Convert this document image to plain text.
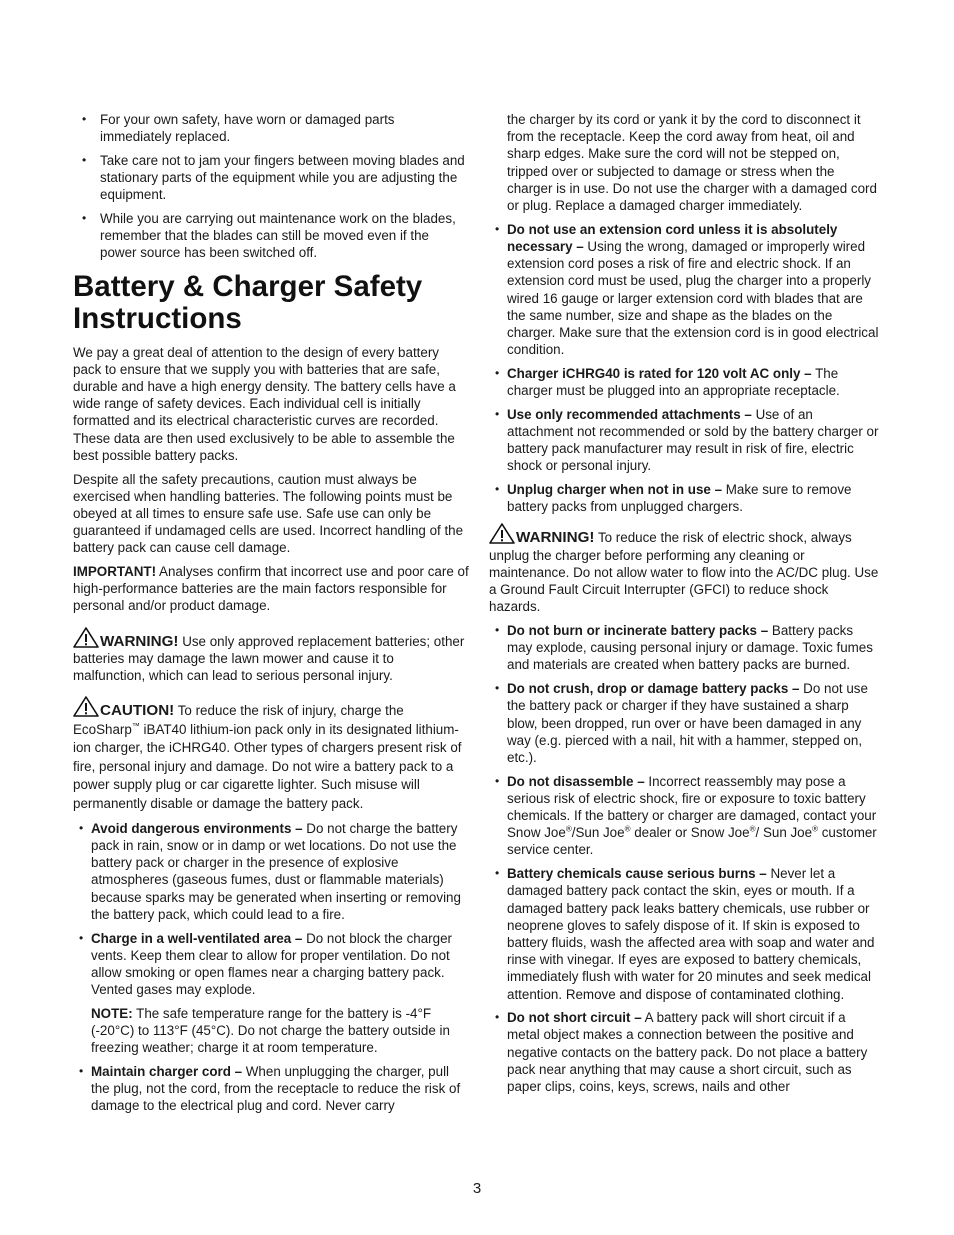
• For your own safety, have worn or damaged parts immediately replaced.
• Take care not to jam your fingers between moving blades and stationary parts of the equipment while you are adjusting the equipment.
• While you are carrying out maintenance work on the blades, remember that the blades can still be moved even if the power source has been switched off.
Battery & Charger Safety Instructions

We pay a great deal of attention to the design of every battery pack to ensure that we supply you with batteries that are safe, durable and have a high energy density. The battery cells have a wide range of safety devices. Each individual cell is initially formatted and its electrical characteristic curves are recorded. These data are then used exclusively to be able to assemble the best possible battery packs.

Despite all the safety precautions, caution must always be exercised when handling batteries. The following points must be obeyed at all times to ensure safe use. Safe use can only be guaranteed if undamaged cells are used. Incorrect handling of the battery pack can cause cell damage.

IMPORTANT! Analyses confirm that incorrect use and poor care of high-performance batteries are the main factors responsible for personal and/or product damage.

WARNING! Use only approved replacement batteries; other batteries may damage the lawn mower and cause it to malfunction, which can lead to serious personal injury.

CAUTION! To reduce the risk of injury, charge the EcoSharp™ iBAT40 lithium-ion pack only in its designated lithium-ion charger, the iCHRG40. Other types of chargers present risk of fire, personal injury and damage. Do not wire a battery pack to a power supply plug or car cigarette lighter. Such misuse will permanently disable or damage the battery pack.

• Avoid dangerous environments – Do not charge the battery pack in rain, snow or in damp or wet locations. Do not use the battery pack or charger in the presence of explosive atmospheres (gaseous fumes, dust or flammable materials) because sparks may be generated when inserting or removing the battery pack, which could lead to a fire.
• Charge in a well-ventilated area – Do not block the charger vents. Keep them clear to allow for proper ventilation. Do not allow smoking or open flames near a charging battery pack. Vented gases may explode.

NOTE: The safe temperature range for the battery is -4°F (-20°C) to 113°F (45°C). Do not charge the battery outside in freezing weather; charge it at room temperature.

• Maintain charger cord – When unplugging the charger, pull the plug, not the cord, from the receptacle to reduce the risk of damage to the electrical plug and cord. Never carry

the charger by its cord or yank it by the cord to disconnect it from the receptacle. Keep the cord away from heat, oil and sharp edges. Make sure the cord will not be stepped on, tripped over or subjected to damage or stress when the charger is in use. Do not use the charger with a damaged cord or plug. Replace a damaged charger immediately.

• Do not use an extension cord unless it is absolutely necessary – Using the wrong, damaged or improperly wired extension cord poses a risk of fire and electric shock. If an extension cord must be used, plug the charger into a properly wired 16 gauge or larger extension cord with blades that are the same number, size and shape as the blades on the charger. Make sure that the extension cord is in good electrical condition.
• Charger iCHRG40 is rated for 120 volt AC only – The charger must be plugged into an appropriate receptacle.
• Use only recommended attachments – Use of an attachment not recommended or sold by the battery charger or battery pack manufacturer may result in risk of fire, electric shock or personal injury.
• Unplug charger when not in use – Make sure to remove battery packs from unplugged chargers.

WARNING! To reduce the risk of electric shock, always unplug the charger before performing any cleaning or maintenance. Do not allow water to flow into the AC/DC plug. Use a Ground Fault Circuit Interrupter (GFCI) to reduce shock hazards.

• Do not burn or incinerate battery packs – Battery packs may explode, causing personal injury or damage. Toxic fumes and materials are created when battery packs are burned.
• Do not crush, drop or damage battery packs – Do not use the battery pack or charger if they have sustained a sharp blow, been dropped, run over or have been damaged in any way (e.g. pierced with a nail, hit with a hammer, stepped on, etc.).
• Do not disassemble – Incorrect reassembly may pose a serious risk of electric shock, fire or exposure to toxic battery chemicals. If the battery or charger are damaged, contact your Snow Joe®/Sun Joe® dealer or Snow Joe®/ Sun Joe® customer service center.
• Battery chemicals cause serious burns – Never let a damaged battery pack contact the skin, eyes or mouth. If a damaged battery pack leaks battery chemicals, use rubber or neoprene gloves to safely dispose of it. If skin is exposed to battery fluids, wash the affected area with soap and water and rinse with vinegar. If eyes are exposed to battery chemicals, immediately flush with water for 20 minutes and seek medical attention. Remove and dispose of contaminated clothing.
• Do not short circuit – A battery pack will short circuit if a metal object makes a connection between the positive and negative contacts on the battery pack. Do not place a battery pack near anything that may cause a short circuit, such as paper clips, coins, keys, screws, nails and other
3
